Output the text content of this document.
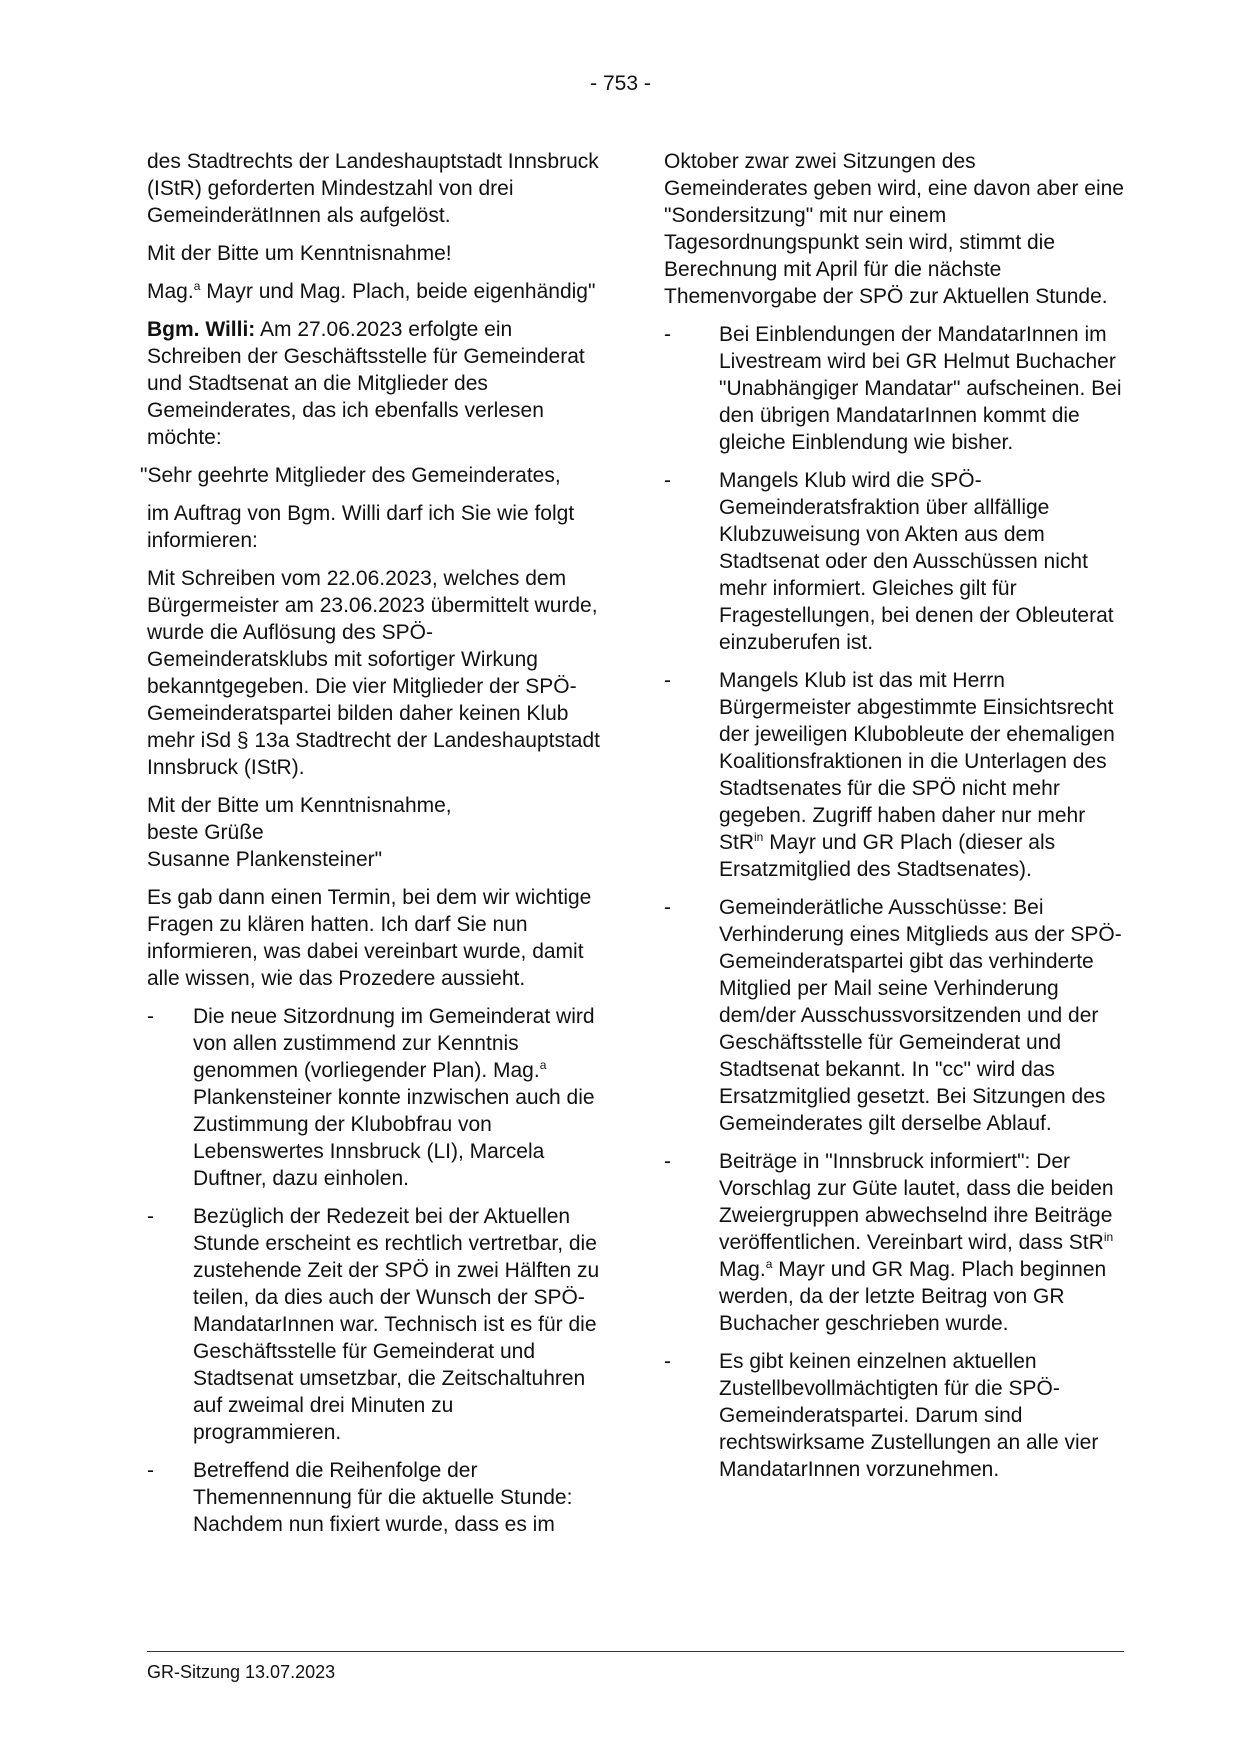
- 753 -

des Stadtrechts der Landeshauptstadt Innsbruck (IStR) geforderten Mindestzahl von drei GemeinderätInnen als aufgelöst.

Mit der Bitte um Kenntnisnahme!

Mag.$^a$ Mayr und Mag. Plach, beide eigenhändig"

Bgm. Willi: Am 27.06.2023 erfolgte ein Schreiben der Geschäftsstelle für Gemeinderat und Stadtsenat an die Mitglieder des Gemeinderates, das ich ebenfalls verlesen möchte:

"Sehr geehrte Mitglieder des Gemeinderates,

im Auftrag von Bgm. Willi darf ich Sie wie folgt informieren:

Mit Schreiben vom 22.06.2023, welches dem Bürgermeister am 23.06.2023 übermittelt wurde, wurde die Auflösung des SPÖ-Gemeinderatsklubs mit sofortiger Wirkung bekanntgegeben. Die vier Mitglieder der SPÖ-Gemeinderatspartei bilden daher keinen Klub mehr iSd § 13a Stadtrecht der Landeshauptstadt Innsbruck (IStR).

Mit der Bitte um Kenntnisnahme,
beste Grüße
Susanne Plankensteiner"

Es gab dann einen Termin, bei dem wir wichtige Fragen zu klären hatten. Ich darf Sie nun informieren, was dabei vereinbart wurde, damit alle wissen, wie das Prozedere aussieht.

- Die neue Sitzordnung im Gemeinderat wird von allen zustimmend zur Kenntnis genommen (vorliegender Plan). Mag.$^a$ Plankensteiner konnte inzwischen auch die Zustimmung der Klubobfrau von Lebenswertes Innsbruck (LI), Marcela Duftner, dazu einholen.
- Bezüglich der Redezeit bei der Aktuellen Stunde erscheint es rechtlich vertretbar, die zustehende Zeit der SPÖ in zwei Hälften zu teilen, da dies auch der Wunsch der SPÖ-MandatarInnen war. Technisch ist es für die Geschäftsstelle für Gemeinderat und Stadtsenat umsetzbar, die Zeitschaltuhren auf zweimal drei Minuten zu programmieren.
- Betreffend die Reihenfolge der Themennennung für die aktuelle Stunde: Nachdem nun fixiert wurde, dass es im

Oktober zwar zwei Sitzungen des Gemeinderates geben wird, eine davon aber eine "Sondersitzung" mit nur einem Tagesordnungspunkt sein wird, stimmt die Berechnung mit April für die nächste Themenvorgabe der SPÖ zur Aktuellen Stunde.

- Bei Einblendungen der MandatarInnen im Livestream wird bei GR Helmut Buchacher "Unabhängiger Mandatar" aufscheinen. Bei den übrigen MandatarInnen kommt die gleiche Einblendung wie bisher.
- Mangels Klub wird die SPÖ-Gemeinderatsfraktion über allfällige Klubzuweisung von Akten aus dem Stadtsenat oder den Ausschüssen nicht mehr informiert. Gleiches gilt für Fragestellungen, bei denen der Obleuterat einzuberufen ist.
- Mangels Klub ist das mit Herrn Bürgermeister abgestimmte Einsichtsrecht der jeweiligen Klubobleute der ehemaligen Koalitionsfraktionen in die Unterlagen des Stadtsenates für die SPÖ nicht mehr gegeben. Zugriff haben daher nur mehr StR$^{in}$ Mayr und GR Plach (dieser als Ersatzmitglied des Stadtsenates).
- Gemeinderätliche Ausschüsse: Bei Verhinderung eines Mitglieds aus der SPÖ-Gemeinderatspartei gibt das verhinderte Mitglied per Mail seine Verhinderung dem/der Ausschussvorsitzenden und der Geschäftsstelle für Gemeinderat und Stadtsenat bekannt. In "cc" wird das Ersatzmitglied gesetzt. Bei Sitzungen des Gemeinderates gilt derselbe Ablauf.
- Beiträge in "Innsbruck informiert": Der Vorschlag zur Güte lautet, dass die beiden Zweiergruppen abwechselnd ihre Beiträge veröffentlichen. Vereinbart wird, dass StR$^{in}$ Mag.$^a$ Mayr und GR Mag. Plach beginnen werden, da der letzte Beitrag von GR Buchacher geschrieben wurde.
- Es gibt keinen einzelnen aktuellen Zustellbevollmächtigten für die SPÖ-Gemeinderatspartei. Darum sind rechtswirksame Zustellungen an alle vier MandatarInnen vorzunehmen.
GR-Sitzung 13.07.2023
